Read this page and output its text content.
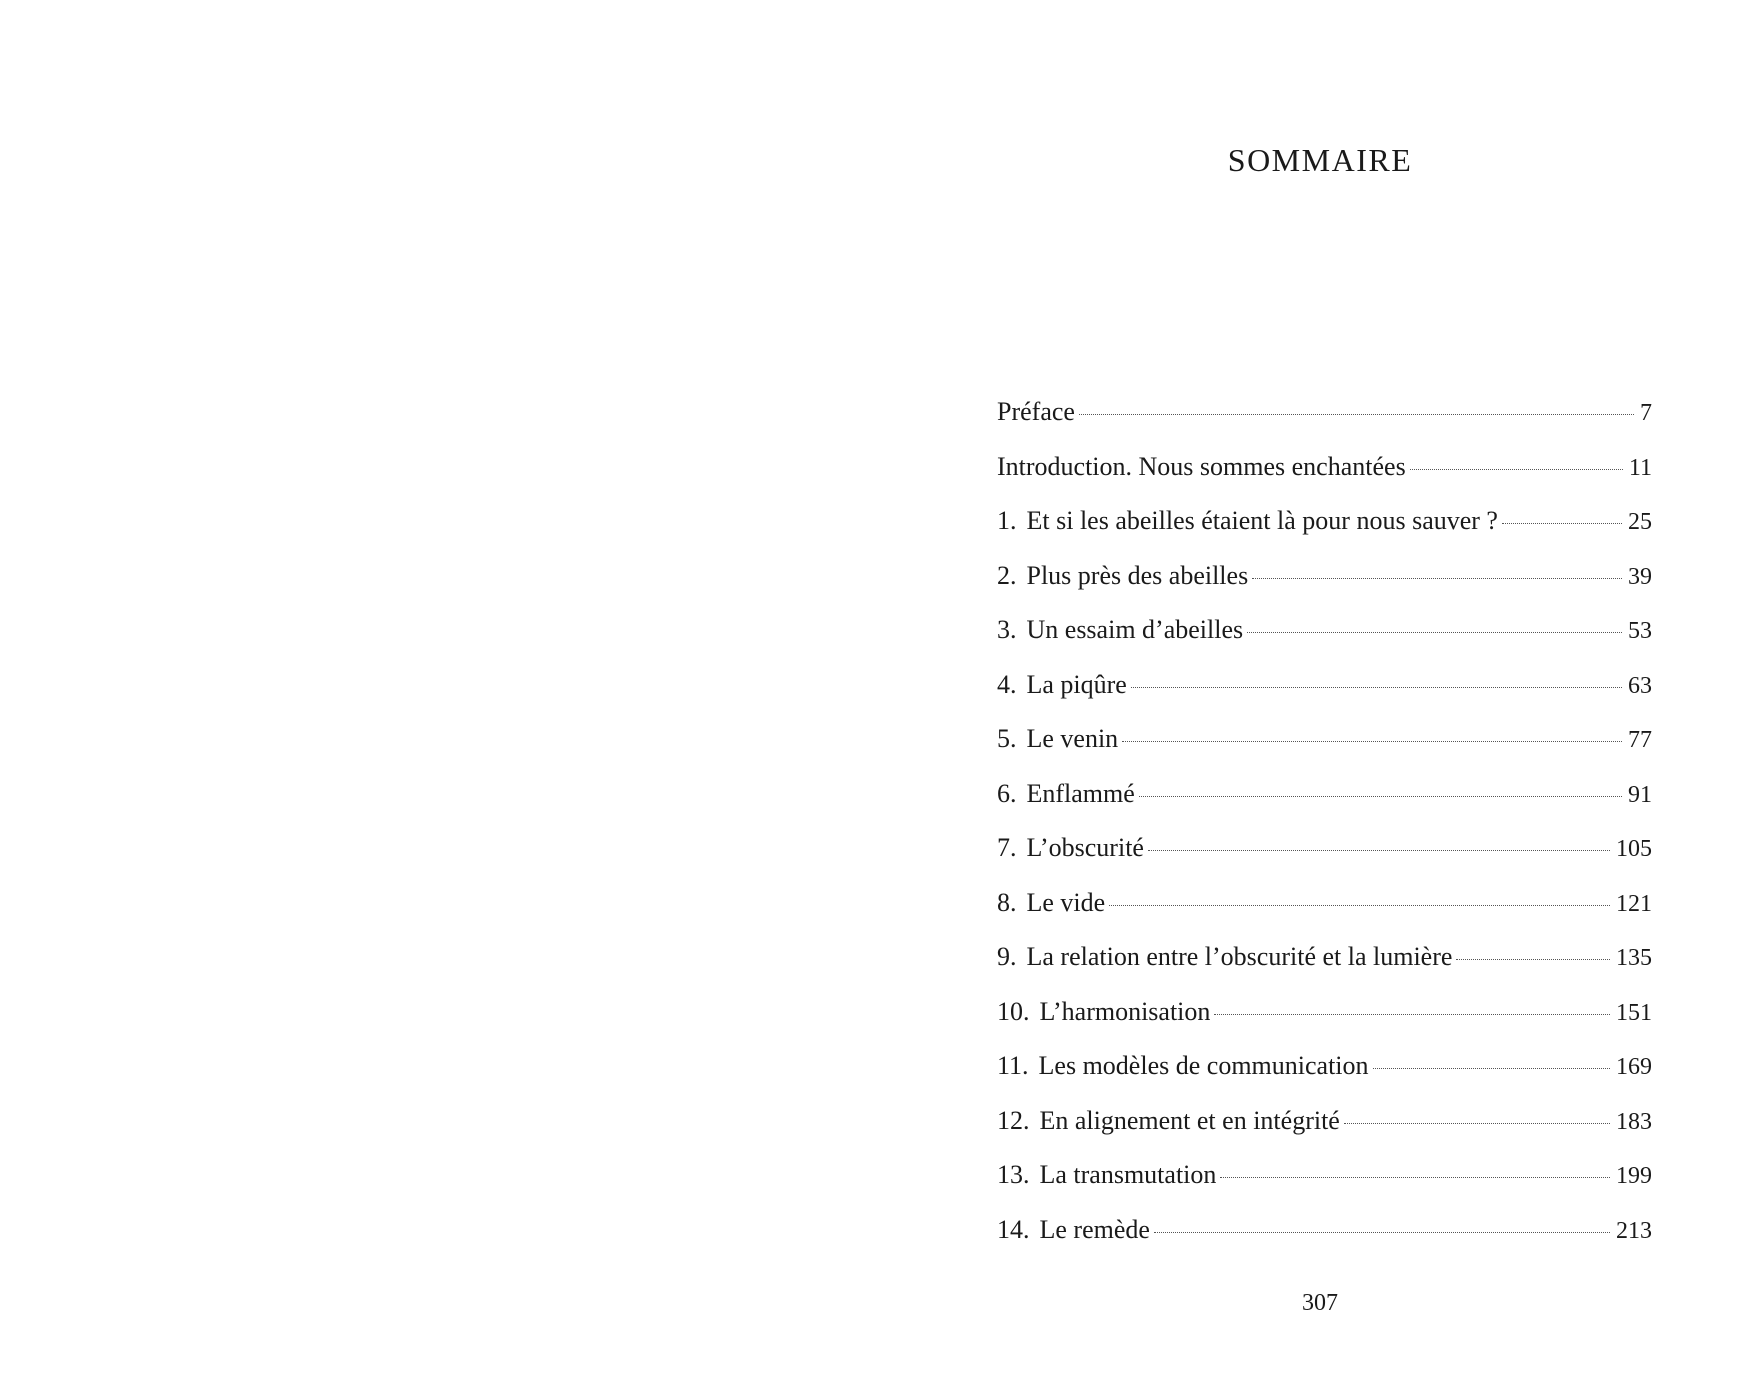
SOMMAIRE
Préface	7
Introduction. Nous sommes enchantées	11
1. Et si les abeilles étaient là pour nous sauver ?	25
2. Plus près des abeilles	39
3. Un essaim d’abeilles	53
4. La piqûre	63
5. Le venin	77
6. Enflammé	91
7. L’obscurité	105
8. Le vide	121
9. La relation entre l’obscurité et la lumière	135
10. L’harmonisation	151
11. Les modèles de communication	169
12. En alignement et en intégrité	183
13. La transmutation	199
14. Le remède	213
307
